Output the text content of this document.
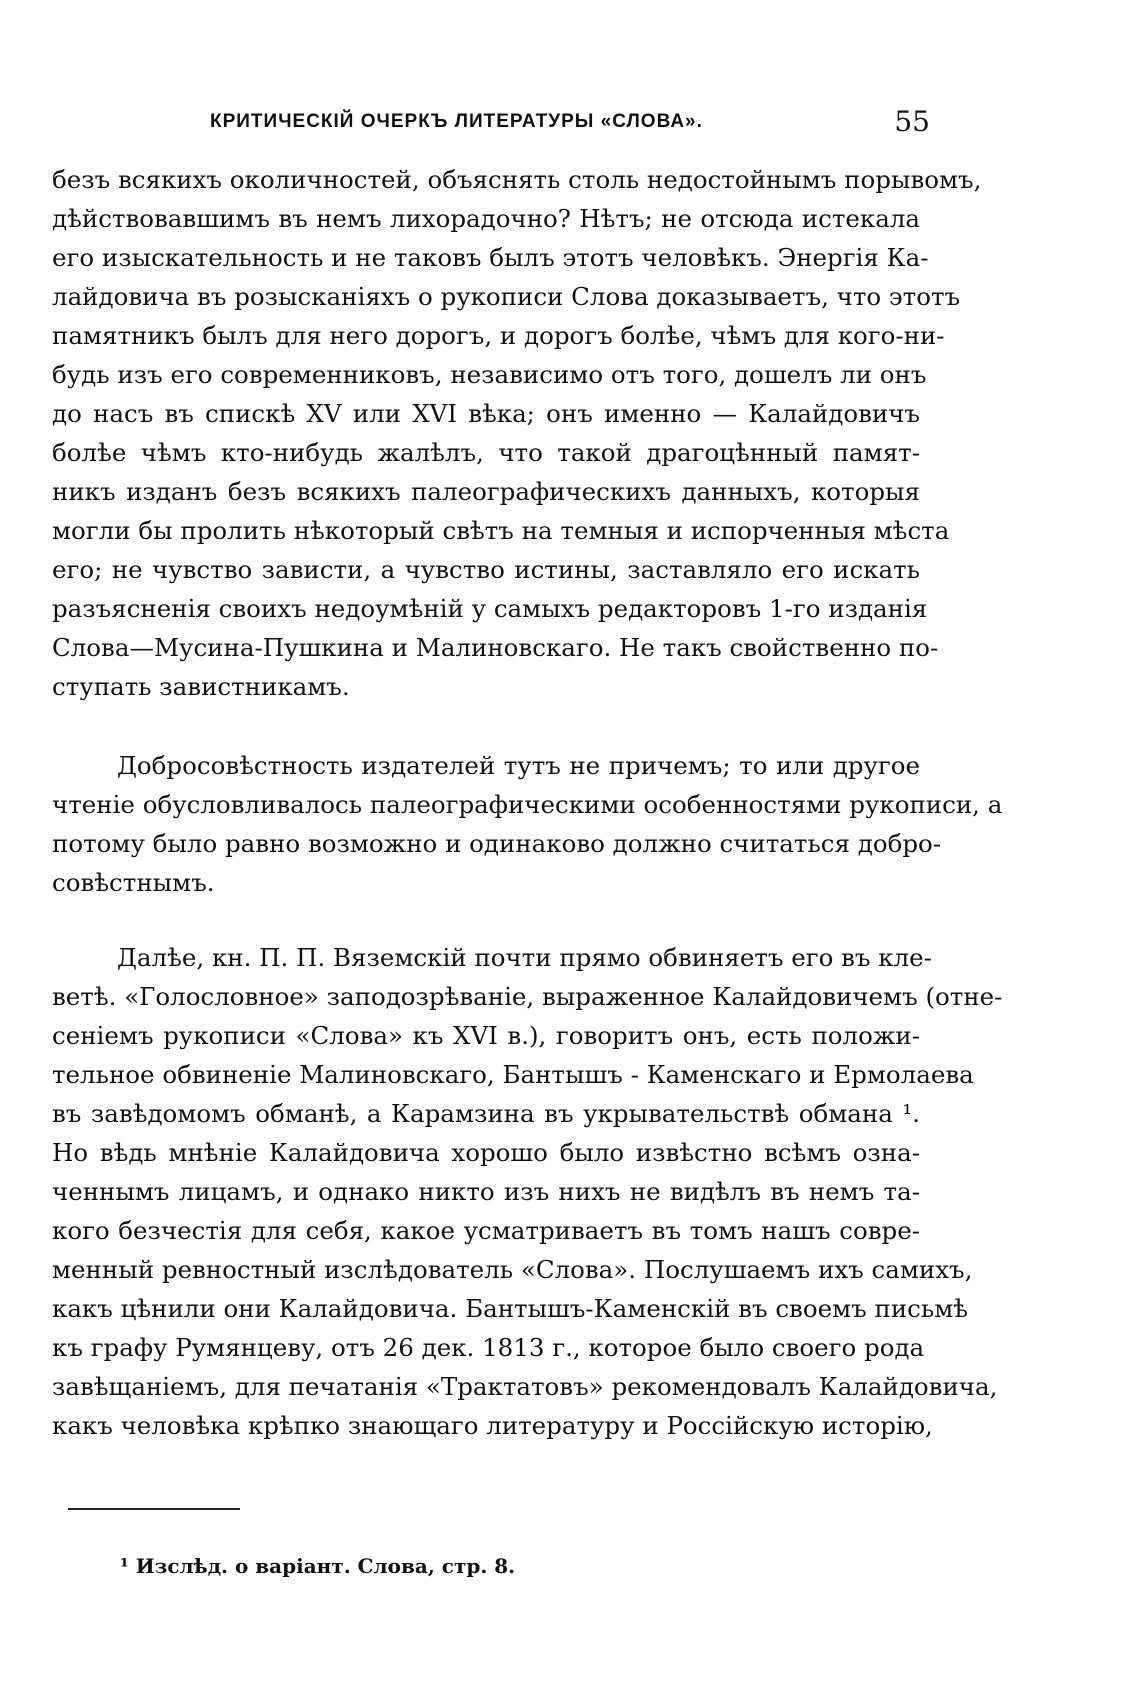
КРИТИЧЕСКІЙ ОЧЕРКЪ ЛИТЕРАТУРЫ «СЛОВА».	55
безъ всякихъ околичностей, объяснять столь недостойнымъ порывомъ,
дѣйствовавшимъ въ немъ лихорадочно? Нѣтъ; не отсюда истекала
его изыскательность и не таковъ былъ этотъ человѣкъ. Энергія Ка-
лайдовича въ розысканіяхъ о рукописи Слова доказываетъ, что этотъ
памятникъ былъ для него дорогъ, и дорогъ болѣе, чѣмъ для кого-ни-
будь изъ его современниковъ, независимо отъ того, дошелъ ли онъ
до насъ въ спискѣ XV или XVI вѣка; онъ именно — Калайдовичъ
болѣе чѣмъ кто-нибудь жалѣлъ, что такой драгоцѣнный памят-
никъ изданъ безъ всякихъ палеографическихъ данныхъ, которыя
могли бы пролить нѣкоторый свѣтъ на темныя и испорченныя мѣста
его; не чувство зависти, а чувство истины, заставляло его искать
разъясненія своихъ недоумѣній у самыхъ редакторовъ 1-го изданія
Слова—Мусина-Пушкина и Малиновскаго. Не такъ свойственно по-
ступать завистникамъ.
Добросовѣстность издателей тутъ не причемъ; то или другое
чтеніе обусловливалось палеографическими особенностями рукописи, а
потому было равно возможно и одинаково должно считаться добро-
совѣстнымъ.
Далѣе, кн. П. П. Вяземскій почти прямо обвиняетъ его въ кле-
ветѣ. «Голословное» заподозрѣваніе, выраженное Калайдовичемъ (отне-
сеніемъ рукописи «Слова» къ XVI в.), говоритъ онъ, есть положи-
тельное обвиненіе Малиновскаго, Бантышъ - Каменскаго и Ермолаева
въ завѣдомомъ обманѣ, а Карамзина въ укрывательствѣ обмана ¹.
Но вѣдь мнѣніе Калайдовича хорошо было извѣстно всѣмъ озна-
ченнымъ лицамъ, и однако никто изъ нихъ не видѣлъ въ немъ та-
кого безчестія для себя, какое усматриваетъ въ томъ нашъ совре-
менный ревностный изслѣдователь «Слова». Послушаемъ ихъ самихъ,
какъ цѣнили они Калайдовича. Бантышъ-Каменскій въ своемъ письмѣ
къ графу Румянцеву, отъ 26 дек. 1813 г., которое было своего рода
завѣщаніемъ, для печатанія «Трактатовъ» рекомендовалъ Калайдовича,
какъ человѣка крѣпко знающаго литературу и Россійскую исторію,
¹ Изслѣд. о варіант. Слова, стр. 8.
